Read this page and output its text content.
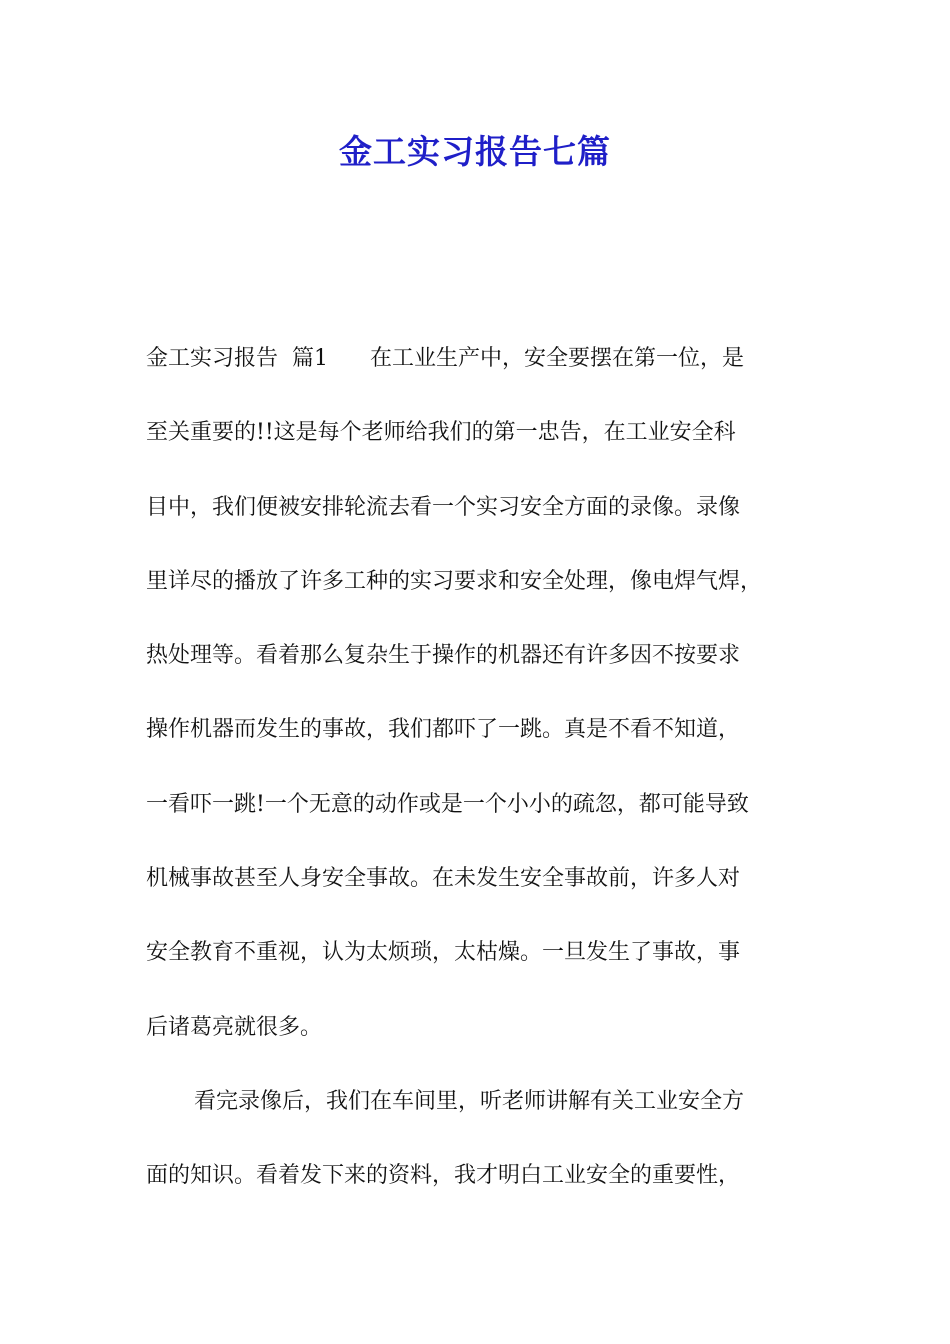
金工实习报告七篇
金工实习报告  篇1      在工业生产中，安全要摆在第一位，是
至关重要的!!这是每个老师给我们的第一忠告，在工业安全科
目中，我们便被安排轮流去看一个实习安全方面的录像。录像
里详尽的播放了许多工种的实习要求和安全处理，像电焊气焊，
热处理等。看着那么复杂生于操作的机器还有许多因不按要求
操作机器而发生的事故，我们都吓了一跳。真是不看不知道，
一看吓一跳!一个无意的动作或是一个小小的疏忽，都可能导致
机械事故甚至人身安全事故。在未发生安全事故前，许多人对
安全教育不重视，认为太烦琐，太枯燥。一旦发生了事故，事
后诸葛亮就很多。
看完录像后，我们在车间里，听老师讲解有关工业安全方
面的知识。看着发下来的资料，我才明白工业安全的重要性，
